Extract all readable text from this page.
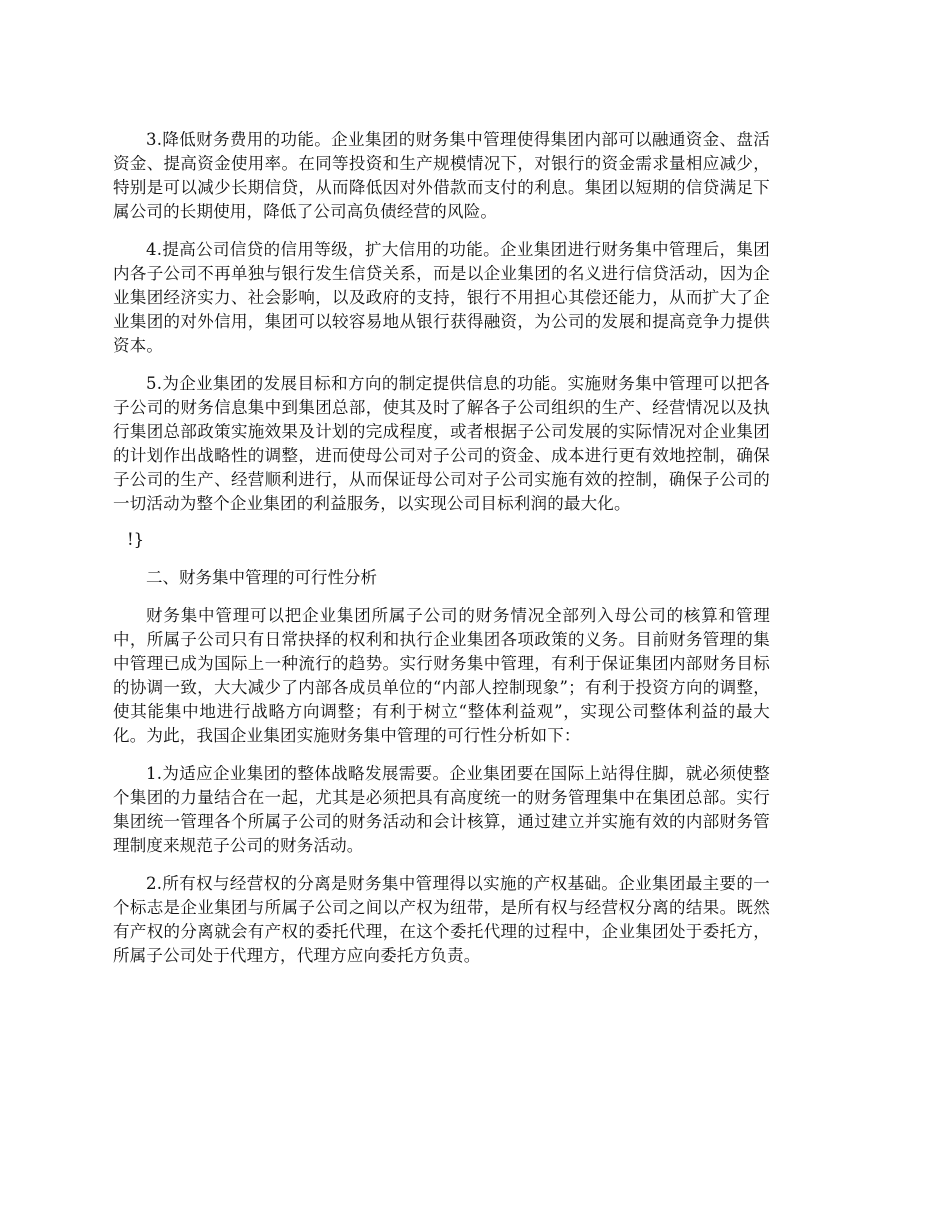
3.降低财务费用的功能。企业集团的财务集中管理使得集团内部可以融通资金、盘活资金、提高资金使用率。在同等投资和生产规模情况下，对银行的资金需求量相应减少，特别是可以减少长期信贷，从而降低因对外借款而支付的利息。集团以短期的信贷满足下属公司的长期使用，降低了公司高负债经营的风险。

4.提高公司信贷的信用等级，扩大信用的功能。企业集团进行财务集中管理后，集团内各子公司不再单独与银行发生信贷关系，而是以企业集团的名义进行信贷活动，因为企业集团经济实力、社会影响，以及政府的支持，银行不用担心其偿还能力，从而扩大了企业集团的对外信用，集团可以较容易地从银行获得融资，为公司的发展和提高竞争力提供资本。

5.为企业集团的发展目标和方向的制定提供信息的功能。实施财务集中管理可以把各子公司的财务信息集中到集团总部，使其及时了解各子公司组织的生产、经营情况以及执行集团总部政策实施效果及计划的完成程度，或者根据子公司发展的实际情况对企业集团的计划作出战略性的调整，进而使母公司对子公司的资金、成本进行更有效地控制，确保子公司的生产、经营顺利进行，从而保证母公司对子公司实施有效的控制，确保子公司的一切活动为整个企业集团的利益服务，以实现公司目标利润的最大化。

!}
二、财务集中管理的可行性分析

财务集中管理可以把企业集团所属子公司的财务情况全部列入母公司的核算和管理中，所属子公司只有日常抉择的权利和执行企业集团各项政策的义务。目前财务管理的集中管理已成为国际上一种流行的趋势。实行财务集中管理，有利于保证集团内部财务目标的协调一致，大大减少了内部各成员单位的“内部人控制现象”；有利于投资方向的调整，使其能集中地进行战略方向调整；有利于树立“整体利益观”，实现公司整体利益的最大化。为此，我国企业集团实施财务集中管理的可行性分析如下：

1.为适应企业集团的整体战略发展需要。企业集团要在国际上站得住脚，就必须使整个集团的力量结合在一起，尤其是必须把具有高度统一的财务管理集中在集团总部。实行集团统一管理各个所属子公司的财务活动和会计核算，通过建立并实施有效的内部财务管理制度来规范子公司的财务活动。

2.所有权与经营权的分离是财务集中管理得以实施的产权基础。企业集团最主要的一个标志是企业集团与所属子公司之间以产权为纽带，是所有权与经营权分离的结果。既然有产权的分离就会有产权的委托代理，在这个委托代理的过程中，企业集团处于委托方，所属子公司处于代理方，代理方应向委托方负责。
